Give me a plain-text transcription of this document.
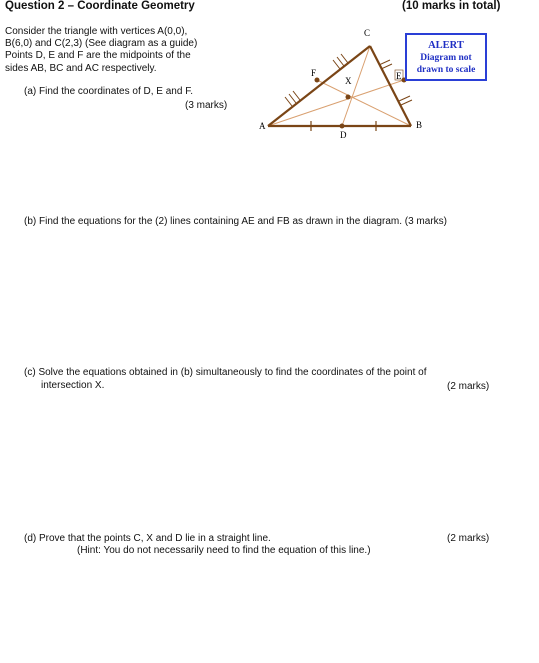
Question 2 – Coordinate Geometry	(10 marks in total)
Consider the triangle with vertices A(0,0),
B(6,0) and C(2,3) (See diagram as a guide)
Points D, E and F are the midpoints of the
sides AB, BC and AC respectively.
A	B
C
D
E
F
X
ALERT
Diagram not
drawn to scale
(a) Find the coordinates of D, E and F.
(3 marks)
(b) Find the equations for the (2) lines containing AE and FB as drawn in the diagram. (3 marks)
(c) Solve the equations obtained in (b) simultaneously to find the coordinates of the point of
intersection X.	(2 marks)
(d) Prove that the points C, X and D lie in a straight line.
(Hint: You do not necessarily need to find the equation of this line.)
(2 marks)
